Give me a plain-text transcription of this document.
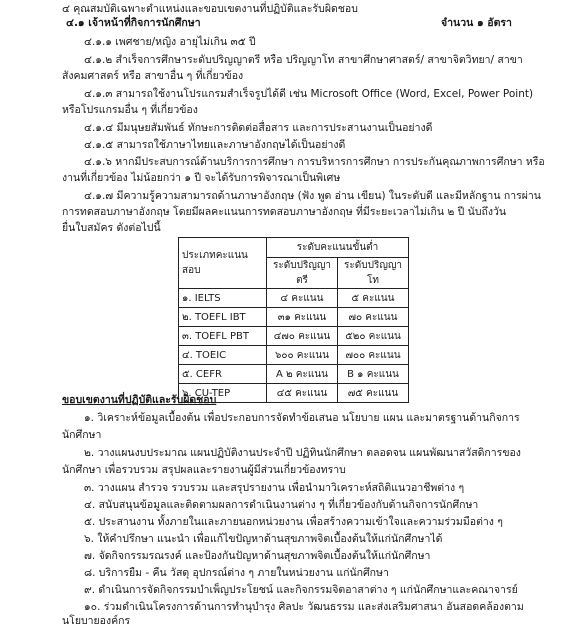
๔ คุณสมบัติเฉพาะตำแหน่งและขอบเขตงานที่ปฏิบัติและรับผิดชอบ
๔.๑ เจ้าหน้าที่กิจการนักศึกษา	จำนวน ๑ อัตรา
๔.๑.๑ เพศชาย/หญิง อายุไม่เกิน ๓๕ ปี
๔.๑.๒ สำเร็จการศึกษาระดับปริญญาตรี หรือ ปริญญาโท สาขาศึกษาศาสตร์/ สาขาจิตวิทยา/ สาขา
สังคมศาสตร์ หรือ สาขาอื่น ๆ ที่เกี่ยวข้อง
๔.๑.๓ สามารถใช้งานโปรแกรมสำเร็จรูปได้ดี เช่น Microsoft Office (Word, Excel, Power Point)
หรือโปรแกรมอื่น ๆ ที่เกี่ยวข้อง
๔.๑.๔ มีมนุษยสัมพันธ์ ทักษะการติดต่อสื่อสาร และการประสานงานเป็นอย่างดี
๔.๑.๕ สามารถใช้ภาษาไทยและภาษาอังกฤษได้เป็นอย่างดี
๔.๑.๖ หากมีประสบการณ์ด้านบริการการศึกษา การบริหารการศึกษา การประกันคุณภาพการศึกษา หรือ
งานที่เกี่ยวข้อง ไม่น้อยกว่า ๑ ปี จะได้รับการพิจารณาเป็นพิเศษ
๔.๑.๗ มีความรู้ความสามารถด้านภาษาอังกฤษ (ฟัง พูด อ่าน เขียน) ในระดับดี และมีหลักฐาน การผ่าน
การทดสอบภาษาอังกฤษ โดยมีผลคะแนนการทดสอบภาษาอังกฤษ ที่มีระยะเวลาไม่เกิน ๒ ปี นับถึงวัน
ยื่นใบสมัคร ดังต่อไปนี้
ประเภทคะแนนสอบ	ระดับคะแนนขั้นต่ำ	
	ระดับปริญญาตรี	ระดับปริญญาโท
๑. IELTS	๔ คะแนน	๕ คะแนน
๒. TOEFL IBT	๓๑ คะแนน	๗๐ คะแนน
๓. TOEFL PBT	๔๗๐ คะแนน	๕๒๐ คะแนน
๔. TOEIC	๖๐๐ คะแนน	๗๐๐ คะแนน
๕. CEFR	A ๒ คะแนน	B ๑ คะแนน
๖. CU-TEP	๔๕ คะแนน	๗๕ คะแนน
ขอบเขตงานที่ปฏิบัติและรับผิดชอบ
๑. วิเคราะห์ข้อมูลเบื้องต้น เพื่อประกอบการจัดทำข้อเสนอ นโยบาย แผน และมาตรฐานด้านกิจการ
นักศึกษา
๒. วางแผนงบประมาณ แผนปฏิบัติงานประจำปี ปฏิทินนักศึกษา ตลอดจน แผนพัฒนาสวัสดิการของ
นักศึกษา เพื่อรวบรวม สรุปผลและรายงานผู้มีส่วนเกี่ยวข้องทราบ
๓. วางแผน สำรวจ รวบรวม และสรุปรายงาน เพื่อนำมาวิเคราะห์สถิติแนวอาชีพต่าง ๆ
๔. สนับสนุนข้อมูลและติดตามผลการดำเนินงานต่าง ๆ ที่เกี่ยวข้องกับด้านกิจการนักศึกษา
๕. ประสานงาน ทั้งภายในและภายนอกหน่วยงาน เพื่อสร้างความเข้าใจและความร่วมมือต่าง ๆ
๖. ให้คำปรึกษา แนะนำ เพื่อแก้ไขปัญหาด้านสุขภาพจิตเบื้องต้นให้แก่นักศึกษาได้
๗. จัดกิจกรรมรณรงค์ และป้องกันปัญหาด้านสุขภาพจิตเบื้องต้นให้แก่นักศึกษา
๘. บริการยืม - คืน วัสดุ อุปกรณ์ต่าง ๆ ภายในหน่วยงาน แก่นักศึกษา
๙. ดำเนินการจัดกิจกรรมบำเพ็ญประโยชน์ และกิจกรรมจิตอาสาต่าง ๆ แก่นักศึกษาและคณาจารย์
๑๐. ร่วมดำเนินโครงการด้านการทำนุบำรุง ศิลปะ วัฒนธรรม และส่งเสริมศาสนา อันสอดคล้องตาม
นโยบายองค์กร
